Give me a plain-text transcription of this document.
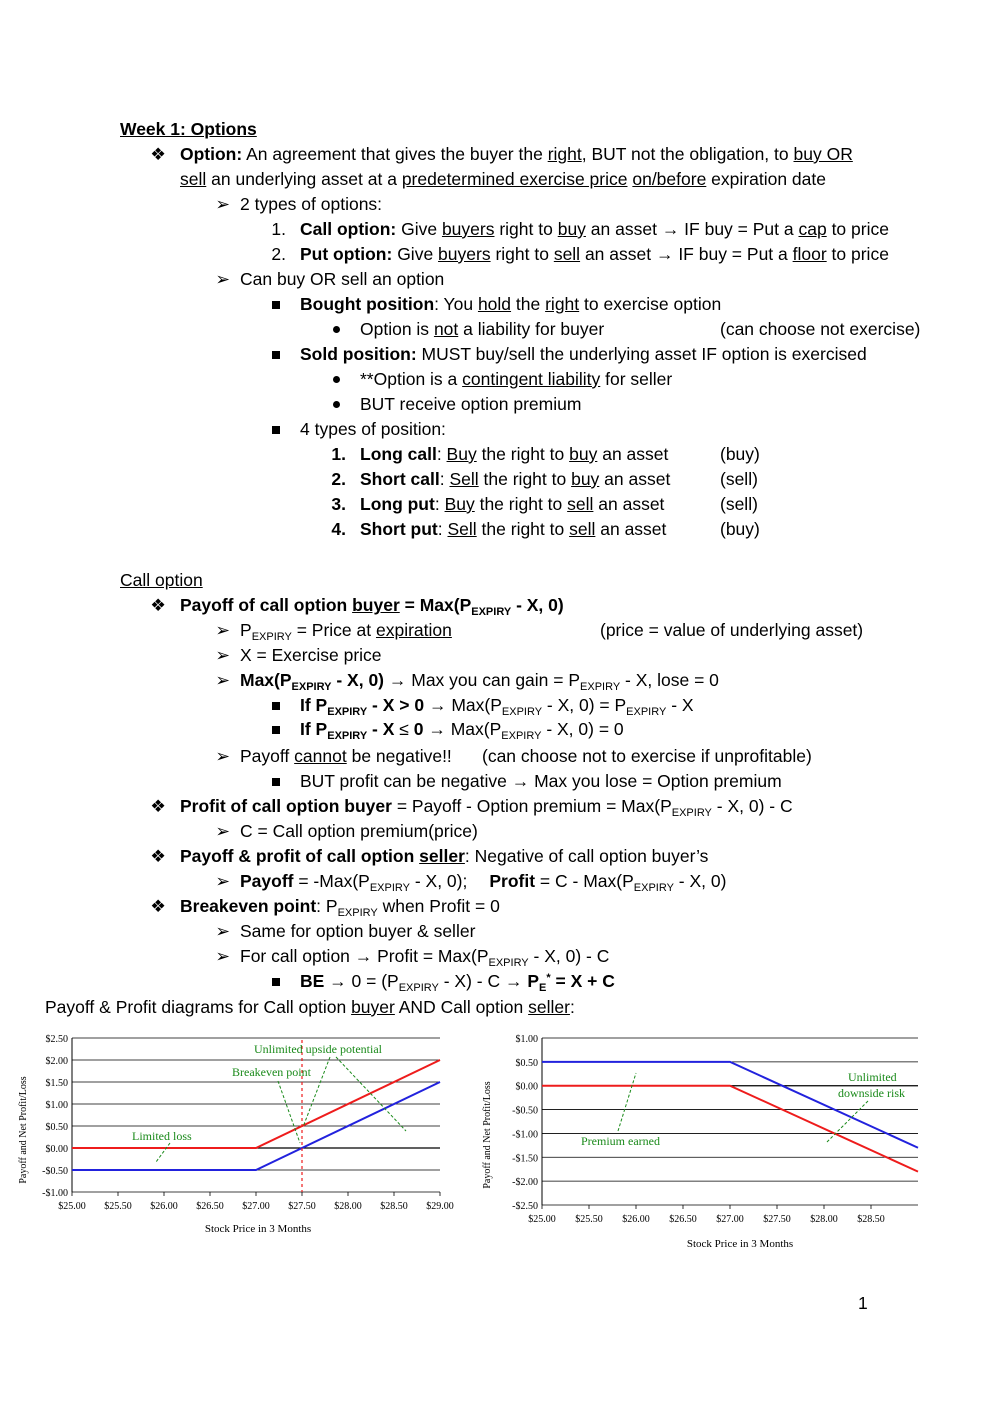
Week 1: Options
❖ Option: An agreement that gives the buyer the right, BUT not the obligation, to buy OR
sell an underlying asset at a predetermined exercise price on/before expiration date
➢ 2 types of options:
1. Call option: Give buyers right to buy an asset → IF buy = Put a cap to price
2. Put option: Give buyers right to sell an asset → IF buy = Put a floor to price
➢ Can buy OR sell an option
Bought position: You hold the right to exercise option
Option is not a liability for buyer	(can choose not exercise)
Sold position: MUST buy/sell the underlying asset IF option is exercised
**Option is a contingent liability for seller
BUT receive option premium
4 types of position:
1. Long call: Buy the right to buy an asset	(buy)
2. Short call: Sell the right to buy an asset	(sell)
3. Long put: Buy the right to sell an asset	(sell)
4. Short put: Sell the right to sell an asset	(buy)
Call option
❖ Payoff of call option buyer = $Max(P_{EXPIRY}$ - X, 0)
➢ $P_{EXPIRY}$ = Price at expiration	(price = value of underlying asset)
➢ X = Exercise price
➢ $Max(P_{EXPIRY}$ - X, 0) → Max you can gain = $P_{EXPIRY}$ - X, lose = 0
If $P_{EXPIRY} - X > 0 \to Max(P_{EXPIRY} - X$, $0) = P_{EXPIRY} - X$
If $P_{EXPIRY} - X \le 0 \to Max(P_{EXPIRY} - X$, 0) = 0
➢ Payoff cannot be negative!! (can choose not to exercise if unprofitable)
BUT profit can be negative → Max you lose = Option premium
❖ Profit of call option buyer = Payoff - Option premium = $Max(P_{EXPIRY}$ - X, 0) - C
➢ C = Call option premium(price)
❖ Payoff & profit of call option seller: Negative of call option buyer’s
➢ Payoff = $-Max(P_{EXPIRY}$ - X, 0); Profit = C - $Max(P_{EXPIRY}$ - X, 0)
❖ Breakeven point: $P_{EXPIRY}$ when Profit = 0
➢ Same for option buyer & seller
➢ For call option → Profit = $Max(P_{EXPIRY}$ - X, 0) - C
BE → $0 = (P_{EXPIRY} - X) - C \to P_E^* = X + C$
Payoff & Profit diagrams for Call option buyer AND Call option seller:
$2.50
$2.00
$1.50
$1.00
$0.50
$0.00
-$0.50
-$1.00
$25.00 $25.50 $26.00 $26.50 $27.00 $27.50 $28.00 $28.50 $29.00
Unlimited upside potential
Breakeven point
Limited loss
Stock Price in 3 Months
Payoff and Net Profit/Loss
$1.00
$0.50
$0.00
-$0.50
-$1.00
-$1.50
-$2.00
-$2.50
$25.00 $25.50 $26.00 $26.50 $27.00 $27.50 $28.00 $28.50
Unlimited
downside risk
Premium earned
Stock Price in 3 Months
Payoff and Net Profit/Loss
1
